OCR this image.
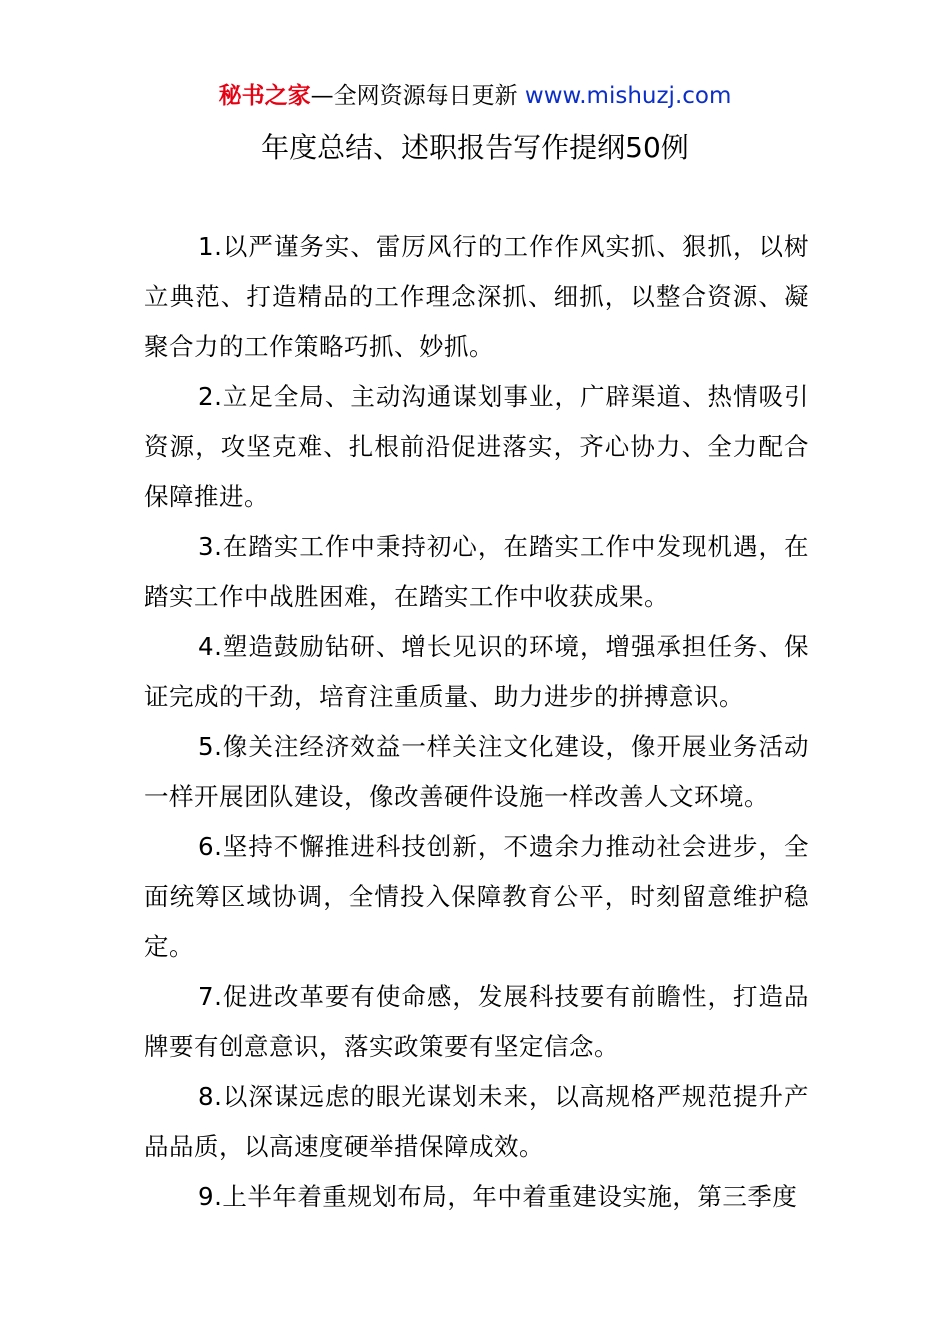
秘书之家—全网资源每日更新 www.mishuzj.com
年度总结、述职报告写作提纲50例

1.以严谨务实、雷厉风行的工作作风实抓、狠抓，以树立典范、打造精品的工作理念深抓、细抓，以整合资源、凝聚合力的工作策略巧抓、妙抓。

2.立足全局、主动沟通谋划事业，广辟渠道、热情吸引资源，攻坚克难、扎根前沿促进落实，齐心协力、全力配合保障推进。

3.在踏实工作中秉持初心，在踏实工作中发现机遇，在踏实工作中战胜困难，在踏实工作中收获成果。

4.塑造鼓励钻研、增长见识的环境，增强承担任务、保证完成的干劲，培育注重质量、助力进步的拼搏意识。

5.像关注经济效益一样关注文化建设，像开展业务活动一样开展团队建设，像改善硬件设施一样改善人文环境。

6.坚持不懈推进科技创新，不遗余力推动社会进步，全面统筹区域协调，全情投入保障教育公平，时刻留意维护稳定。

7.促进改革要有使命感，发展科技要有前瞻性，打造品牌要有创意意识，落实政策要有坚定信念。

8.以深谋远虑的眼光谋划未来，以高规格严规范提升产品品质，以高速度硬举措保障成效。

9.上半年着重规划布局，年中着重建设实施，第三季度
